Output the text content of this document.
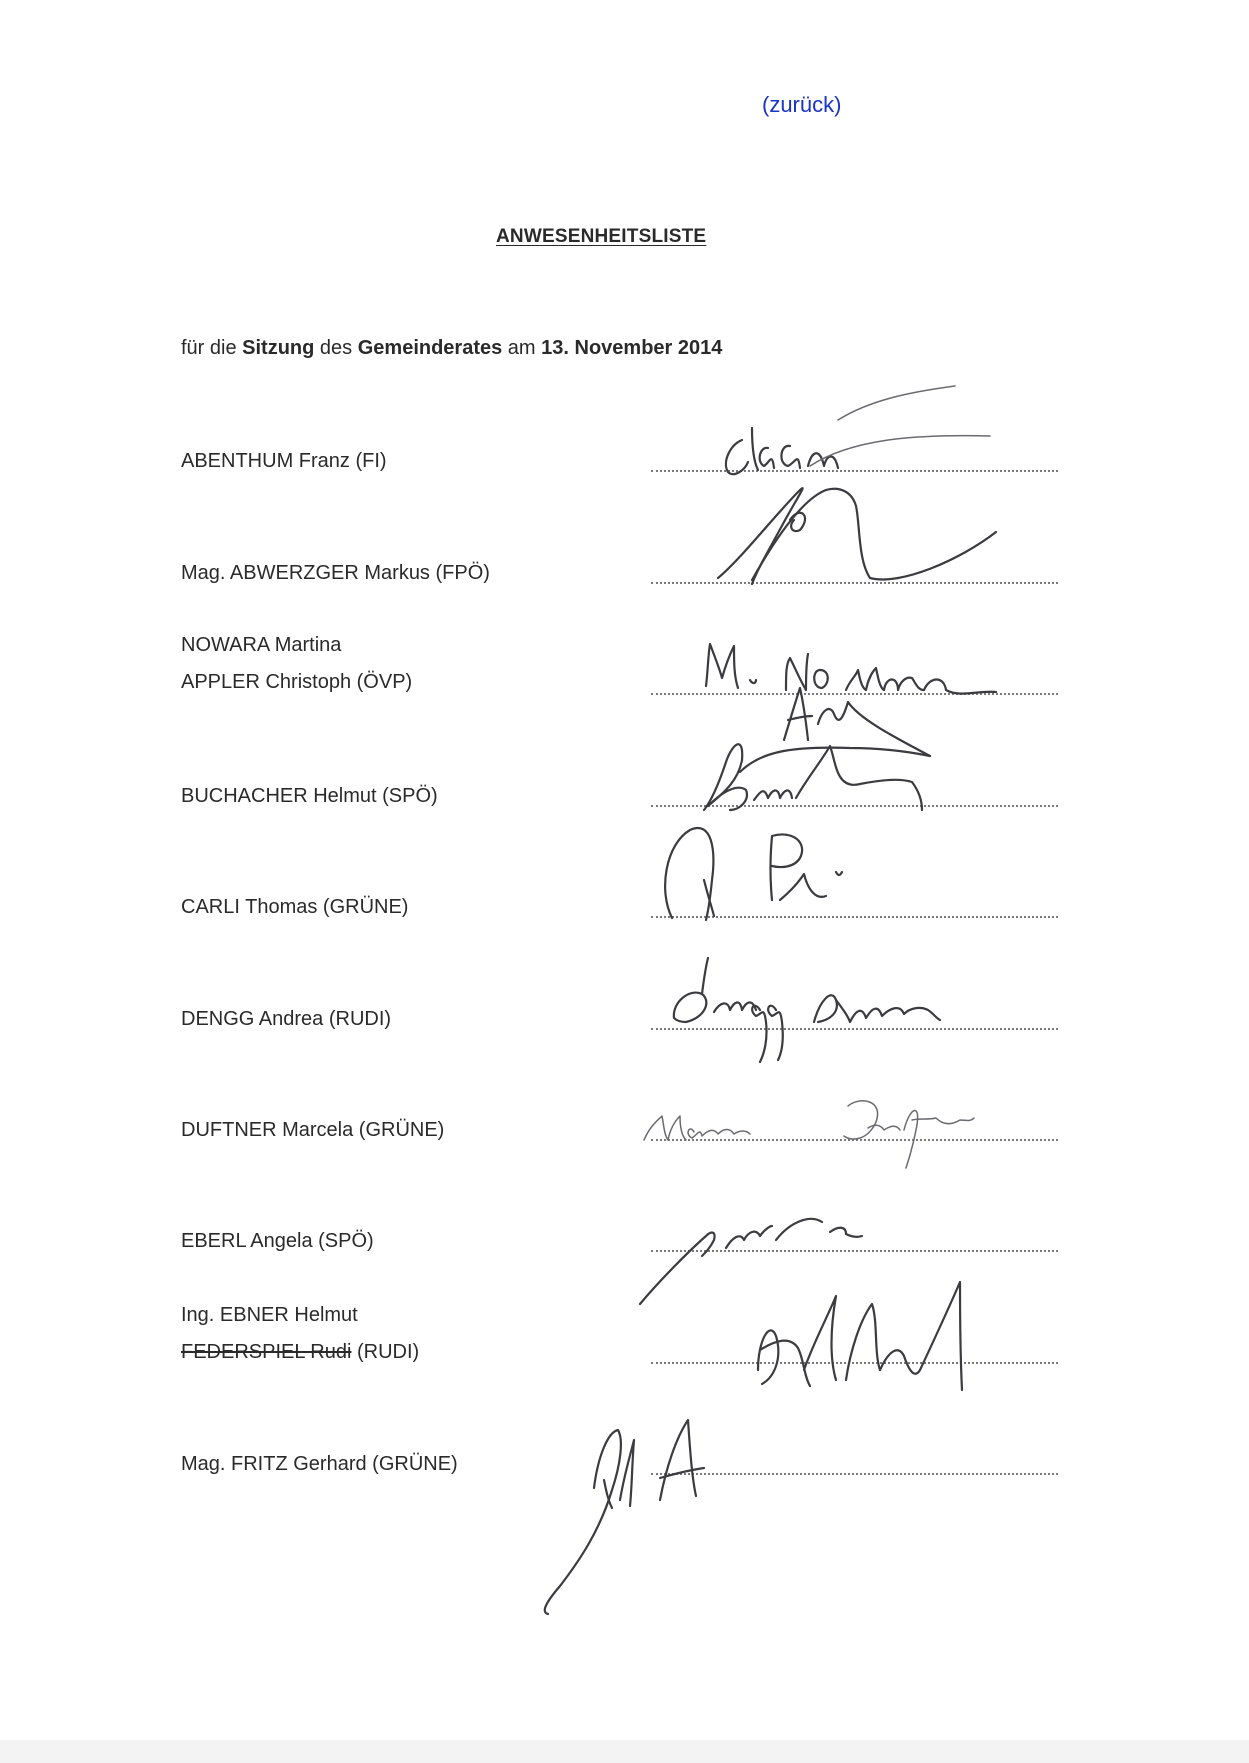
(zurück)
ANWESENHEITSLISTE
für die Sitzung des Gemeinderates am 13. November 2014
ABENTHUM Franz (FI)
Mag. ABWERZGER Markus (FPÖ)
NOWARA Martina
APPLER Christoph (ÖVP)
BUCHACHER Helmut (SPÖ)
CARLI Thomas (GRÜNE)
DENGG Andrea (RUDI)
DUFTNER Marcela (GRÜNE)
EBERL Angela (SPÖ)
Ing. EBNER Helmut
FEDERSPIEL Rudi (RUDI)
Mag. FRITZ Gerhard (GRÜNE)
